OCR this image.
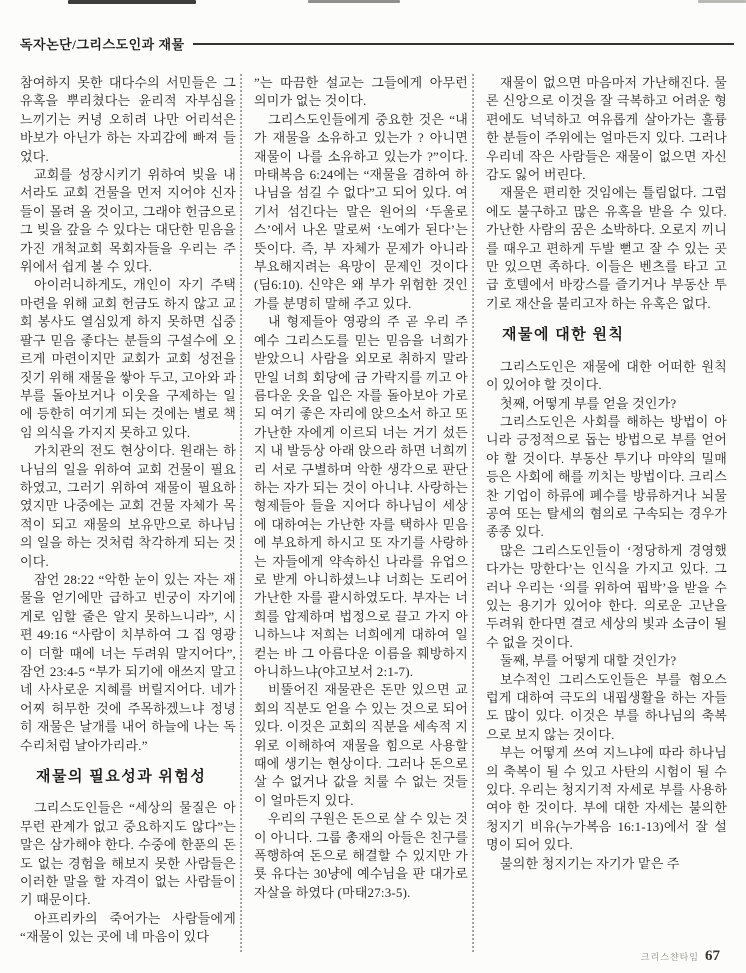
독자논단/그리스도인과 재물

참여하지 못한 대다수의 서민들은 그 유혹을 뿌리쳤다는 윤리적 자부심을 느끼기는 커녕 오히려 나만 어리석은 바보가 아닌가 하는 자괴감에 빠져 들었다.

교회를 성장시키기 위하여 빚을 내서라도 교회 건물을 먼저 지어야 신자들이 몰려 올 것이고, 그래야 헌금으로 그 빚을 갚을 수 있다는 대단한 믿음을 가진 개척교회 목회자들을 우리는 주위에서 쉽게 볼 수 있다.

아이러니하게도, 개인이 자기 주택 마련을 위해 교회 헌금도 하지 않고 교회 봉사도 열심있게 하지 못하면 십중 팔구 믿음 좋다는 분들의 구설수에 오르게 마련이지만 교회가 교회 성전을 짓기 위해 재물을 쌓아 두고, 고아와 과부를 돌아보거나 이웃을 구제하는 일에 등한히 여기게 되는 것에는 별로 책임 의식을 가지지 못하고 있다.

가치관의 전도 현상이다. 원래는 하나님의 일을 위하여 교회 건물이 필요하였고, 그러기 위하여 재물이 필요하였지만 나중에는 교회 건물 자체가 목적이 되고 재물의 보유만으로 하나님의 일을 하는 것처럼 착각하게 되는 것이다.

잠언 28:22 “악한 눈이 있는 자는 재물을 얻기에만 급하고 빈궁이 자기에게로 임할 줄은 알지 못하느니라”, 시편 49:16 “사람이 치부하여 그 집 영광이 더할 때에 너는 두려워 말지어다”, 잠언 23:4-5 “부가 되기에 애쓰지 말고 네 사사로운 지혜를 버릴지어다. 네가 어찌 허무한 것에 주목하겠느냐 정녕히 재물은 날개를 내어 하늘에 나는 독수리처럼 날아가리라.”

재물의 필요성과 위험성

그리스도인들은 “세상의 물질은 아무런 관계가 없고 중요하지도 않다”는 말은 삼가해야 한다. 수중에 한푼의 돈도 없는 경험을 해보지 못한 사람들은 이러한 말을 할 자격이 없는 사람들이기 때문이다.

아프리카의 죽어가는 사람들에게 “재물이 있는 곳에 네 마음이 있다

”는 따끔한 설교는 그들에게 아무런 의미가 없는 것이다.

그리스도인들에게 중요한 것은 “내가 재물을 소유하고 있는가 ? 아니면 재물이 나를 소유하고 있는가 ?”이다. 마태복음 6:24에는 “재물을 겸하여 하나님을 섬길 수 없다”고 되어 있다. 여기서 섬긴다는 말은 원어의 ‘두울로스’에서 나온 말로써 ‘노예가 된다’는 뜻이다. 즉, 부 자체가 문제가 아니라 부요해지려는 욕망이 문제인 것이다(딤6:10). 신약은 왜 부가 위험한 것인가를 분명히 말해 주고 있다.

내 형제들아 영광의 주 곧 우리 주 예수 그리스도를 믿는 믿음을 너희가 받았으니 사람을 외모로 취하지 말라 만일 너희 회당에 금 가락지를 끼고 아름다운 옷을 입은 자를 돌아보아 가로되 여기 좋은 자리에 앉으소서 하고 또 가난한 자에게 이르되 너는 거기 섰든지 내 발등상 아래 앉으라 하면 너희끼리 서로 구별하며 악한 생각으로 판단하는 자가 되는 것이 아니냐. 사랑하는 형제들아 들을 지어다 하나님이 세상에 대하여는 가난한 자를 택하사 믿음에 부요하게 하시고 또 자기를 사랑하는 자들에게 약속하신 나라를 유업으로 받게 아니하셨느냐 너희는 도리어 가난한 자를 괄시하였도다. 부자는 너희를 압제하며 법정으로 끌고 가지 아니하느냐 저희는 너희에게 대하여 일컫는 바 그 아름다운 이름을 훼방하지 아니하느냐(야고보서 2:1-7).

비뚤어진 재물관은 돈만 있으면 교회의 직분도 얻을 수 있는 것으로 되어 있다. 이것은 교회의 직분을 세속적 지위로 이해하여 재물을 힘으로 사용할 때에 생기는 현상이다. 그러나 돈으로 살 수 없거나 값을 치룰 수 없는 것들이 얼마든지 있다.

우리의 구원은 돈으로 살 수 있는 것이 아니다. 그룹 총재의 아들은 친구를 폭행하여 돈으로 해결할 수 있지만 가룟 유다는 30냥에 예수님을 판 대가로 자살을 하였다 (마태27:3-5).

재물이 없으면 마음마저 가난해진다. 물론 신앙으로 이것을 잘 극복하고 어려운 형편에도 넉넉하고 여유롭게 살아가는 훌륭한 분들이 주위에는 얼마든지 있다. 그러나 우리네 작은 사람들은 재물이 없으면 자신감도 잃어 버린다.

재물은 편리한 것임에는 틀림없다. 그럼에도 불구하고 많은 유혹을 받을 수 있다. 가난한 사람의 꿈은 소박하다. 오로지 끼니를 때우고 편하게 두발 뻗고 잘 수 있는 곳만 있으면 족하다. 이들은 벤츠를 타고 고급 호텔에서 바캉스를 즐기거나 부동산 투기로 재산을 불리고자 하는 유혹은 없다.

재물에 대한 원칙

그리스도인은 재물에 대한 어떠한 원칙이 있어야 할 것이다.

첫째, 어떻게 부를 얻을 것인가?

그리스도인은 사회를 해하는 방법이 아니라 긍정적으로 돕는 방법으로 부를 얻어야 할 것이다. 부동산 투기나 마약의 밀매 등은 사회에 해를 끼치는 방법이다. 크리스찬 기업이 하류에 폐수를 방류하거나 뇌물 공여 또는 탈세의 혐의로 구속되는 경우가 종종 있다.

많은 그리스도인들이 ‘정당하게 경영했다가는 망한다’는 인식을 가지고 있다. 그러나 우리는 ‘의를 위하여 핍박’을 받을 수 있는 용기가 있어야 한다. 의로운 고난을 두려워 한다면 결코 세상의 빛과 소금이 될 수 없을 것이다.

둘째, 부를 어떻게 대할 것인가?

보수적인 그리스도인들은 부를 혐오스럽게 대하여 극도의 내핍생활을 하는 자들도 많이 있다. 이것은 부를 하나님의 축복으로 보지 않는 것이다.

부는 어떻게 쓰여 지느냐에 따라 하나님의 축복이 될 수 있고 사탄의 시험이 될 수 있다. 우리는 청지기적 자세로 부를 사용하여야 한 것이다. 부에 대한 자세는 불의한 청지기 비유(누가복음 16:1-13)에서 잘 설명이 되어 있다.

불의한 청지기는 자기가 맡은 주

크리스챤타임 67
